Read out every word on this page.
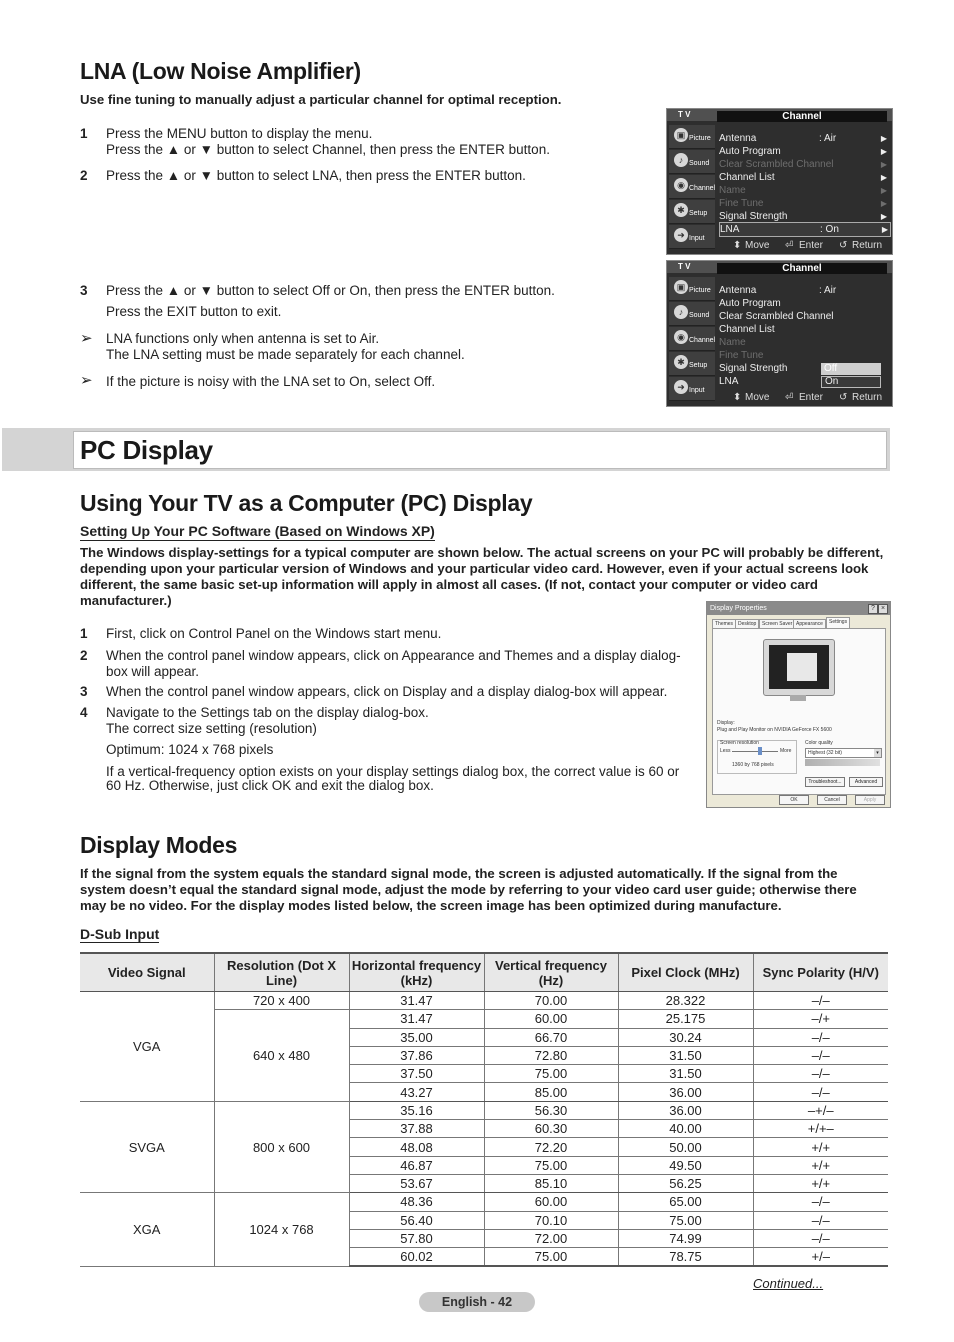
LNA (Low Noise Amplifier)
Use fine tuning to manually adjust a particular channel for optimal reception.
1 Press the MENU button to display the menu.
Press the ▲ or ▼ button to select Channel, then press the ENTER button.
2 Press the ▲ or ▼ button to select LNA, then press the ENTER button.
3 Press the ▲ or ▼ button to select Off or On, then press the ENTER button.
Press the EXIT button to exit.
➢ LNA functions only when antenna is set to Air.
The LNA setting must be made separately for each channel.
➢ If the picture is noisy with the LNA set to On, select Off.
T V	Channel
▣ Picture
♪ Sound
◉ Channel
✱ Setup
➜ Input
Antenna	: Air	▶
Auto Program	▶
Clear Scrambled Channel	▶
Channel List	▶
Name	▶
Fine Tune	▶
Signal Strength	▶
LNA	: On	▶
⬍ Move ⏎ Enter ↺ Return
T V	Channel
▣ Picture
♪ Sound
◉ Channel
✱ Setup
➜ Input
Antenna	: Air
Auto Program
Clear Scrambled Channel
Channel List
Name
Fine Tune
Signal Strength
LNA
Off
On
⬍ Move ⏎ Enter ↺ Return
PC Display
Using Your TV as a Computer (PC) Display
Setting Up Your PC Software (Based on Windows XP)
The Windows display-settings for a typical computer are shown below. The actual screens on your PC will probably be different, depending upon your particular version of Windows and your particular video card. However, even if your actual screens look different, the same basic set-up information will apply in almost all cases. (If not, contact your computer or video card manufacturer.)
1 First, click on Control Panel on the Windows start menu.
2 When the control panel window appears, click on Appearance and Themes and a display dialog-
box will appear.
3 When the control panel window appears, click on Display and a display dialog-box will appear.
4 Navigate to the Settings tab on the display dialog-box.
The correct size setting (resolution)
Optimum: 1024 x 768 pixels
If a vertical-frequency option exists on your display settings dialog box, the correct value is 60 or
60 Hz. Otherwise, just click OK and exit the dialog box.
Display Properties	? ×
Themes Desktop	Screen Saver Appearance	Settings
Display:
Plug and Play Monitor on NVIDIA GeForce FX 5600
Screen resolution
Less	More
1360 by 768 pixels
Color quality
Highest (32 bit)	▾
Troubleshoot...	Advanced
OK	Cancel	Apply
Display Modes
If the signal from the system equals the standard signal mode, the screen is adjusted automatically. If the signal from the system doesn’t equal the standard signal mode, adjust the mode by referring to your video card user guide; otherwise there may be no video. For the display modes listed below, the screen image has been optimized during manufacture.
D-Sub Input
Video Signal	Resolution (Dot X Line)	Horizontal frequency (kHz)	Vertical frequency (Hz)	Pixel Clock (MHz)	Sync Polarity (H/V)
VGA	720 x 400	31.47	70.00	28.322	–/–
	640 x 480	31.47	60.00	25.175	–/+
		35.00	66.70	30.24	–/–
		37.86	72.80	31.50	–/–
		37.50	75.00	31.50	–/–
		43.27	85.00	36.00	–/–
SVGA	800 x 600	35.16	56.30	36.00	–+/–
		37.88	60.30	40.00	+/+–
		48.08	72.20	50.00	+/+
		46.87	75.00	49.50	+/+
		53.67	85.10	56.25	+/+
XGA	1024 x 768	48.36	60.00	65.00	–/–
		56.40	70.10	75.00	–/–
		57.80	72.00	74.99	–/–
		60.02	75.00	78.75	+/–
Continued...
English - 42
